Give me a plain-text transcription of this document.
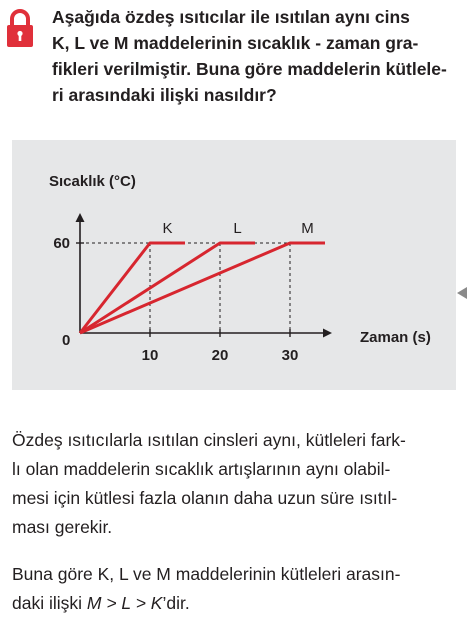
Aşağıda özdeş ısıtıcılar ile ısıtılan aynı cins
K, L ve M maddelerinin sıcaklık - zaman gra-
fikleri verilmiştir. Buna göre maddelerin kütlele-
ri arasındaki ilişki nasıldır?

Sıcaklık (°C)
Zaman (s)
0
60
10	20	30
K	L	M

Özdeş ısıtıcılarla ısıtılan cinsleri aynı, kütleleri fark-
lı olan maddelerin sıcaklık artışlarının aynı olabil-
mesi için kütlesi fazla olanın daha uzun süre ısıtıl-
ması gerekir.

Buna göre K, L ve M maddelerinin kütleleri arasın-
daki ilişki M > L > K’dir.
